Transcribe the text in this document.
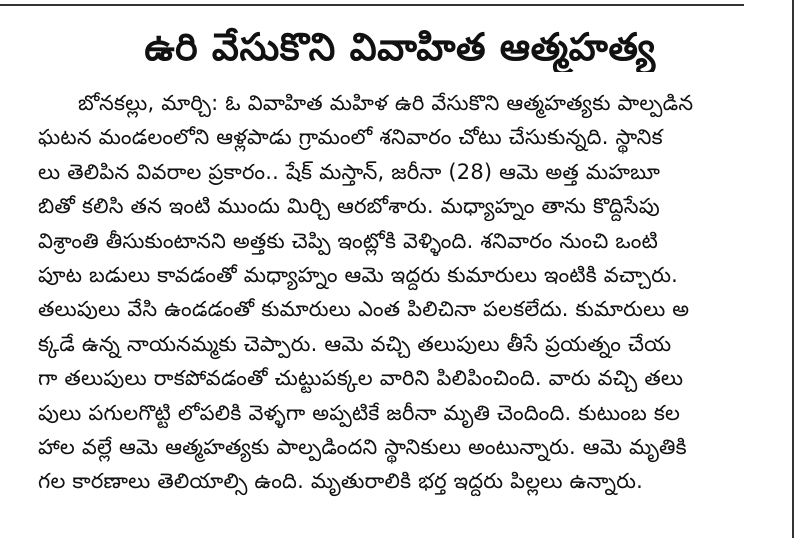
ఉరి వేసుకొని వివాహిత ఆత్మహత్య
బోనకల్లు, మార్చి: ఓ వివాహిత మహిళ ఉరి వేసుకొని ఆత్మహత్యకు పాల్పడిన
ఘటన మండలంలోని ఆళ్లపాడు గ్రామంలో శనివారం చోటు చేసుకున్నది. స్థానిక
లు తెలిపిన వివరాల ప్రకారం.. షేక్ మస్తాన్, జరీనా (28) ఆమె అత్త మహబూ
బితో కలిసి తన ఇంటి ముందు మిర్చి ఆరబోశారు. మధ్యాహ్నం తాను కొద్దిసేపు
విశ్రాంతి తీసుకుంటానని అత్తకు చెప్పి ఇంట్లోకి వెళ్ళింది. శనివారం నుంచి ఒంటి
పూట బడులు కావడంతో మధ్యాహ్నం ఆమె ఇద్దరు కుమారులు ఇంటికి వచ్చారు.
తలుపులు వేసి ఉండడంతో కుమారులు ఎంత పిలిచినా పలకలేదు. కుమారులు అ
క్కడే ఉన్న నాయనమ్మకు చెప్పారు. ఆమె వచ్చి తలుపులు తీసే ప్రయత్నం చేయ
గా తలుపులు రాకపోవడంతో చుట్టుపక్కల వారిని పిలిపించింది. వారు వచ్చి తలు
పులు పగులగొట్టి లోపలికి వెళ్ళగా అప్పటికే జరీనా మృతి చెందింది. కుటుంబ కల
హాల వల్లే ఆమె ఆత్మహత్యకు పాల్పడిందని స్థానికులు అంటున్నారు. ఆమె మృతికి
గల కారణాలు తెలియాల్సి ఉంది. మృతురాలికి భర్త ఇద్దరు పిల్లలు ఉన్నారు.
